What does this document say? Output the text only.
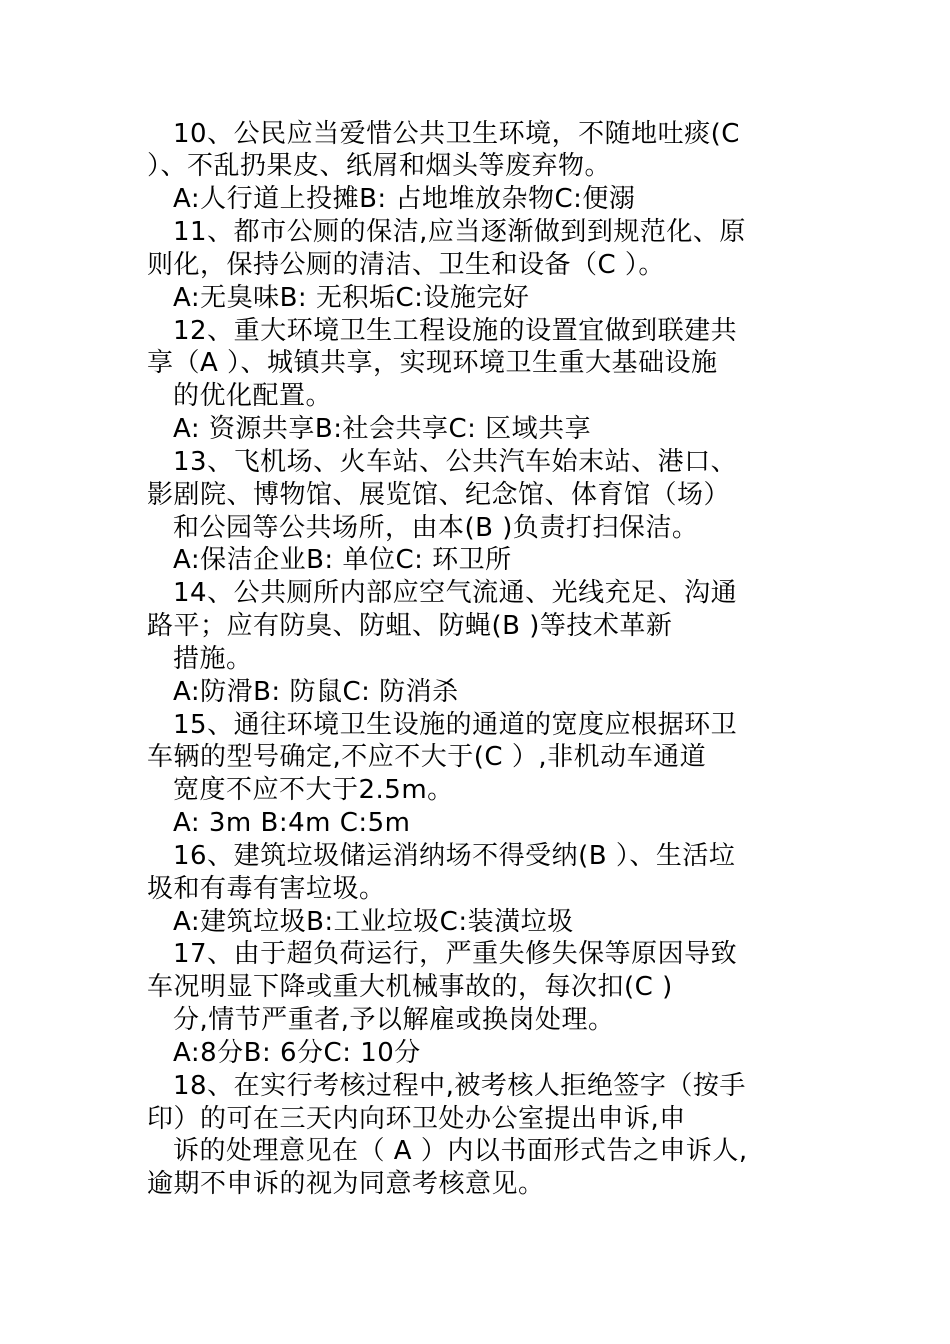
10、公民应当爱惜公共卫生环境，不随地吐痰(C
）、不乱扔果皮、纸屑和烟头等废弃物。
A:人行道上投摊B: 占地堆放杂物C:便溺
11、都市公厕的保洁,应当逐渐做到到规范化、原
则化，保持公厕的清洁、卫生和设备（C ）。
A:无臭味B: 无积垢C:设施完好
12、重大环境卫生工程设施的设置宜做到联建共
享（A ）、城镇共享，实现环境卫生重大基础设施
的优化配置。
A: 资源共享B:社会共享C: 区域共享
13、飞机场、火车站、公共汽车始末站、港口、
影剧院、博物馆、展览馆、纪念馆、体育馆（场）
和公园等公共场所，由本(B )负责打扫保洁。
A:保洁企业B: 单位C: 环卫所
14、公共厕所内部应空气流通、光线充足、沟通
路平；应有防臭、防蛆、防蝇(B )等技术革新
措施。
A:防滑B: 防鼠C: 防消杀
15、通往环境卫生设施的通道的宽度应根据环卫
车辆的型号确定,不应不大于(C ）,非机动车通道
宽度不应不大于2.5m。
A: 3m B:4m C:5m
16、建筑垃圾储运消纳场不得受纳(B ）、生活垃
圾和有毒有害垃圾。
A:建筑垃圾B:工业垃圾C:装潢垃圾
17、由于超负荷运行，严重失修失保等原因导致
车况明显下降或重大机械事故的，每次扣(C )
分,情节严重者,予以解雇或换岗处理。
A:8分B: 6分C: 10分
18、在实行考核过程中,被考核人拒绝签字（按手
印）的可在三天内向环卫处办公室提出申诉,申
诉的处理意见在（ A ）内以书面形式告之申诉人,
逾期不申诉的视为同意考核意见。
